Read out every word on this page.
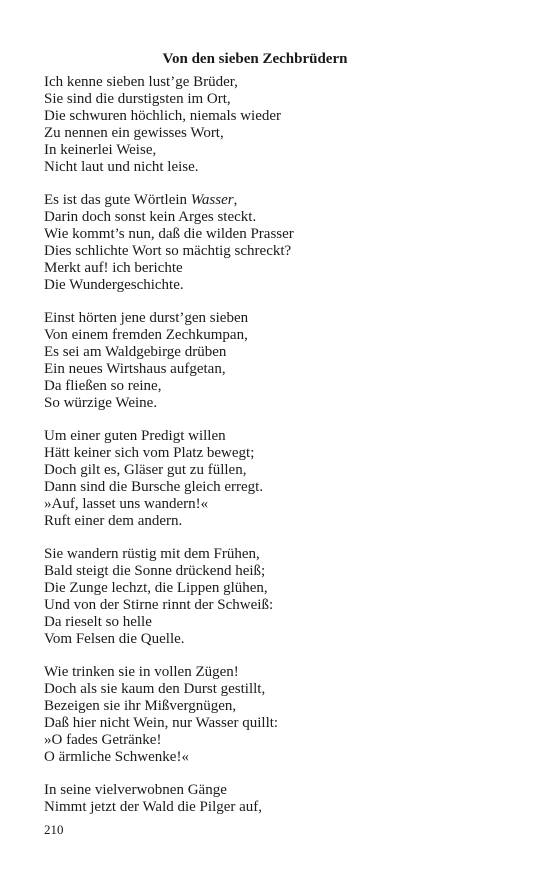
Von den sieben Zechbrüdern
Ich kenne sieben lust’ge Brüder,
Sie sind die durstigsten im Ort,
Die schwuren höchlich, niemals wieder
Zu nennen ein gewisses Wort,
In keinerlei Weise,
Nicht laut und nicht leise.
Es ist das gute Wörtlein Wasser,
Darin doch sonst kein Arges steckt.
Wie kommt’s nun, daß die wilden Prasser
Dies schlichte Wort so mächtig schreckt?
Merkt auf! ich berichte
Die Wundergeschichte.
Einst hörten jene durst’gen sieben
Von einem fremden Zechkumpan,
Es sei am Waldgebirge drüben
Ein neues Wirtshaus aufgetan,
Da fließen so reine,
So würzige Weine.
Um einer guten Predigt willen
Hätt keiner sich vom Platz bewegt;
Doch gilt es, Gläser gut zu füllen,
Dann sind die Bursche gleich erregt.
»Auf, lasset uns wandern!«
Ruft einer dem andern.
Sie wandern rüstig mit dem Frühen,
Bald steigt die Sonne drückend heiß;
Die Zunge lechzt, die Lippen glühen,
Und von der Stirne rinnt der Schweiß:
Da rieselt so helle
Vom Felsen die Quelle.
Wie trinken sie in vollen Zügen!
Doch als sie kaum den Durst gestillt,
Bezeigen sie ihr Mißvergnügen,
Daß hier nicht Wein, nur Wasser quillt:
»O fades Getränke!
O ärmliche Schwenke!«
In seine vielverwobnen Gänge
Nimmt jetzt der Wald die Pilger auf,
210
